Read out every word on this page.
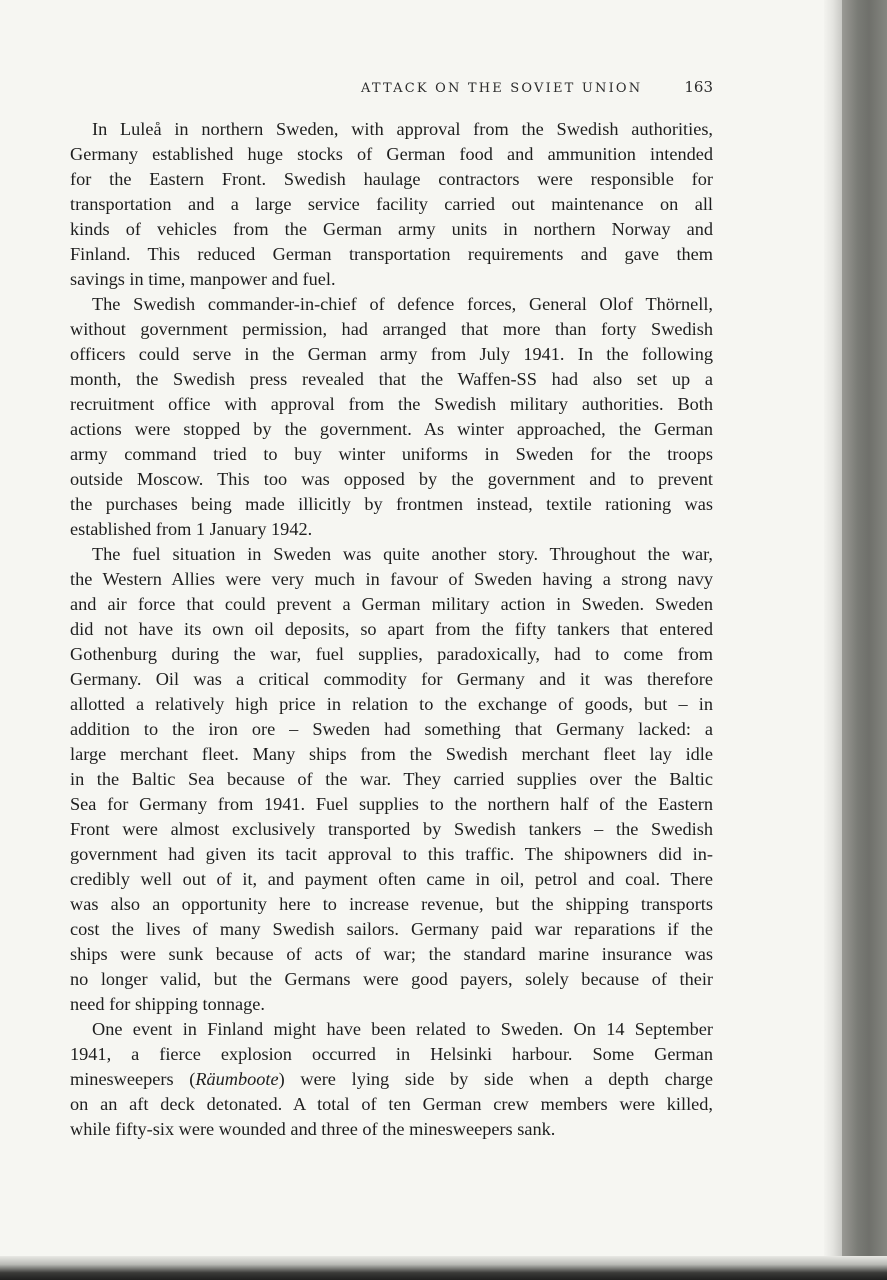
ATTACK ON THE SOVIET UNION	163
In Luleå in northern Sweden, with approval from the Swedish authorities,
Germany established huge stocks of German food and ammunition intended
for the Eastern Front. Swedish haulage contractors were responsible for
transportation and a large service facility carried out maintenance on all
kinds of vehicles from the German army units in northern Norway and
Finland. This reduced German transportation requirements and gave them
savings in time, manpower and fuel.
The Swedish commander-in-chief of defence forces, General Olof Thörnell,
without government permission, had arranged that more than forty Swedish
officers could serve in the German army from July 1941. In the following
month, the Swedish press revealed that the Waffen-SS had also set up a
recruitment office with approval from the Swedish military authorities. Both
actions were stopped by the government. As winter approached, the German
army command tried to buy winter uniforms in Sweden for the troops
outside Moscow. This too was opposed by the government and to prevent
the purchases being made illicitly by frontmen instead, textile rationing was
established from 1 January 1942.
The fuel situation in Sweden was quite another story. Throughout the war,
the Western Allies were very much in favour of Sweden having a strong navy
and air force that could prevent a German military action in Sweden. Sweden
did not have its own oil deposits, so apart from the fifty tankers that entered
Gothenburg during the war, fuel supplies, paradoxically, had to come from
Germany. Oil was a critical commodity for Germany and it was therefore
allotted a relatively high price in relation to the exchange of goods, but – in
addition to the iron ore – Sweden had something that Germany lacked: a
large merchant fleet. Many ships from the Swedish merchant fleet lay idle
in the Baltic Sea because of the war. They carried supplies over the Baltic
Sea for Germany from 1941. Fuel supplies to the northern half of the Eastern
Front were almost exclusively transported by Swedish tankers – the Swedish
government had given its tacit approval to this traffic. The shipowners did in-
credibly well out of it, and payment often came in oil, petrol and coal. There
was also an opportunity here to increase revenue, but the shipping transports
cost the lives of many Swedish sailors. Germany paid war reparations if the
ships were sunk because of acts of war; the standard marine insurance was
no longer valid, but the Germans were good payers, solely because of their
need for shipping tonnage.
One event in Finland might have been related to Sweden. On 14 September
1941, a fierce explosion occurred in Helsinki harbour. Some German
minesweepers (Räumboote) were lying side by side when a depth charge
on an aft deck detonated. A total of ten German crew members were killed,
while fifty-six were wounded and three of the minesweepers sank.
